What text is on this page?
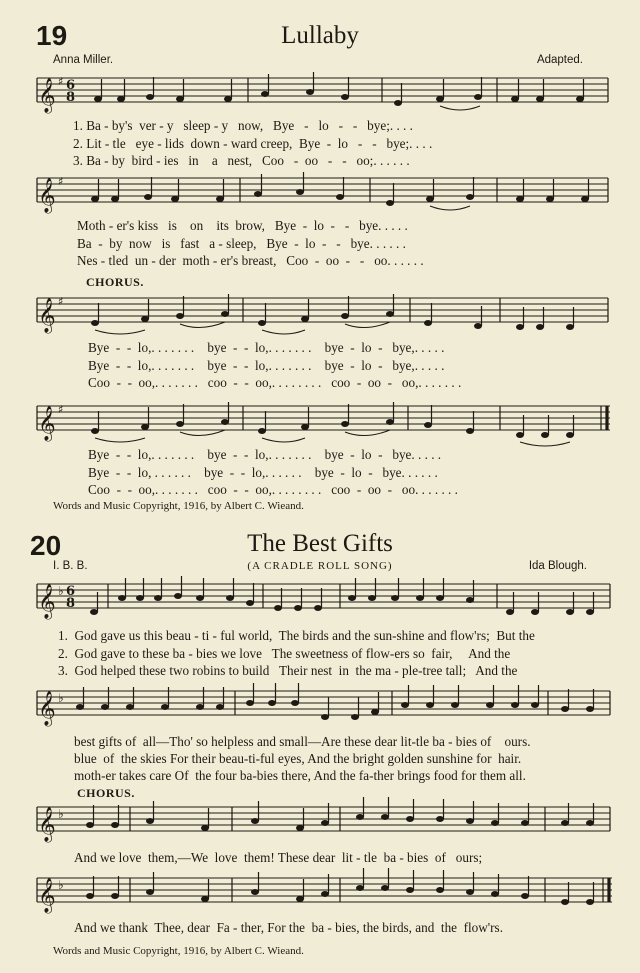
19	Lullaby
Anna Miller.	Adapted.
𝄞 ♯ 6
8
1. Ba - by's  ver - y   sleep - y   now,   Bye   -   lo   -   -   bye;. . . .
2. Lit - tle   eye - lids  down - ward creep,  Bye  -  lo   -   -   bye;. . . .
3. Ba - by  bird - ies   in    a   nest,   Coo   -  oo   -   -   oo;. . . . . .
𝄞 ♯
Moth - er's kiss   is    on    its  brow,   Bye  -  lo  -   -   bye. . . . .
Ba  -  by  now   is   fast   a - sleep,   Bye  -  lo  -   -   bye. . . . . .
Nes - tled  un - der  moth - er's breast,   Coo  -  oo  -   -   oo. . . . . .
CHORUS.
𝄞 ♯
Bye  -  -  lo,. . . . . . .    bye  -  -  lo,. . . . . . .    bye  -  lo  -   bye,. . . . .
Bye  -  -  lo,. . . . . . .    bye  -  -  lo,. . . . . . .    bye  -  lo  -   bye,. . . . .
Coo  -  -  oo,. . . . . . .   coo  -  -  oo,. . . . . . . .   coo  -  oo  -   oo,. . . . . . .
𝄞 ♯
Bye  -  -  lo,. . . . . . .    bye  -  -  lo,. . . . . . .    bye  -  lo  -   bye. . . . .
Bye  -  -  lo, . . . . . .    bye  -  -  lo,. . . . . .    bye  -  lo  -   bye. . . . . .
Coo  -  -  oo,. . . . . . .   coo  -  -  oo,. . . . . . . .   coo  -  oo  -   oo. . . . . . .
Words and Music Copyright, 1916, by Albert C. Wieand.
20	The Best Gifts
(A CRADLE ROLL SONG)
I. B. B.	Ida Blough.
𝄞 ♭ 6
8
1.  God gave us this beau - ti - ful world,  The birds and the sun-shine and flow'rs;  But the
2.  God gave to these ba - bies we love   The sweetness of flow-ers so  fair,     And the
3.  God helped these two robins to build   Their nest  in  the ma - ple-tree tall;   And the
𝄞 ♭
best gifts of  all—Tho' so helpless and small—Are these dear lit-tle ba - bies of    ours.
blue  of  the skies For their beau-ti-ful eyes, And the bright golden sunshine for  hair.
moth-er takes care Of  the four ba-bies there, And the fa-ther brings food for them all.
CHORUS.
𝄞 ♭
And we love  them,—We  love  them! These dear  lit - tle  ba - bies  of   ours;
𝄞 ♭
And we thank  Thee, dear  Fa - ther, For the  ba - bies, the birds, and  the  flow'rs.
Words and Music Copyright, 1916, by Albert C. Wieand.
